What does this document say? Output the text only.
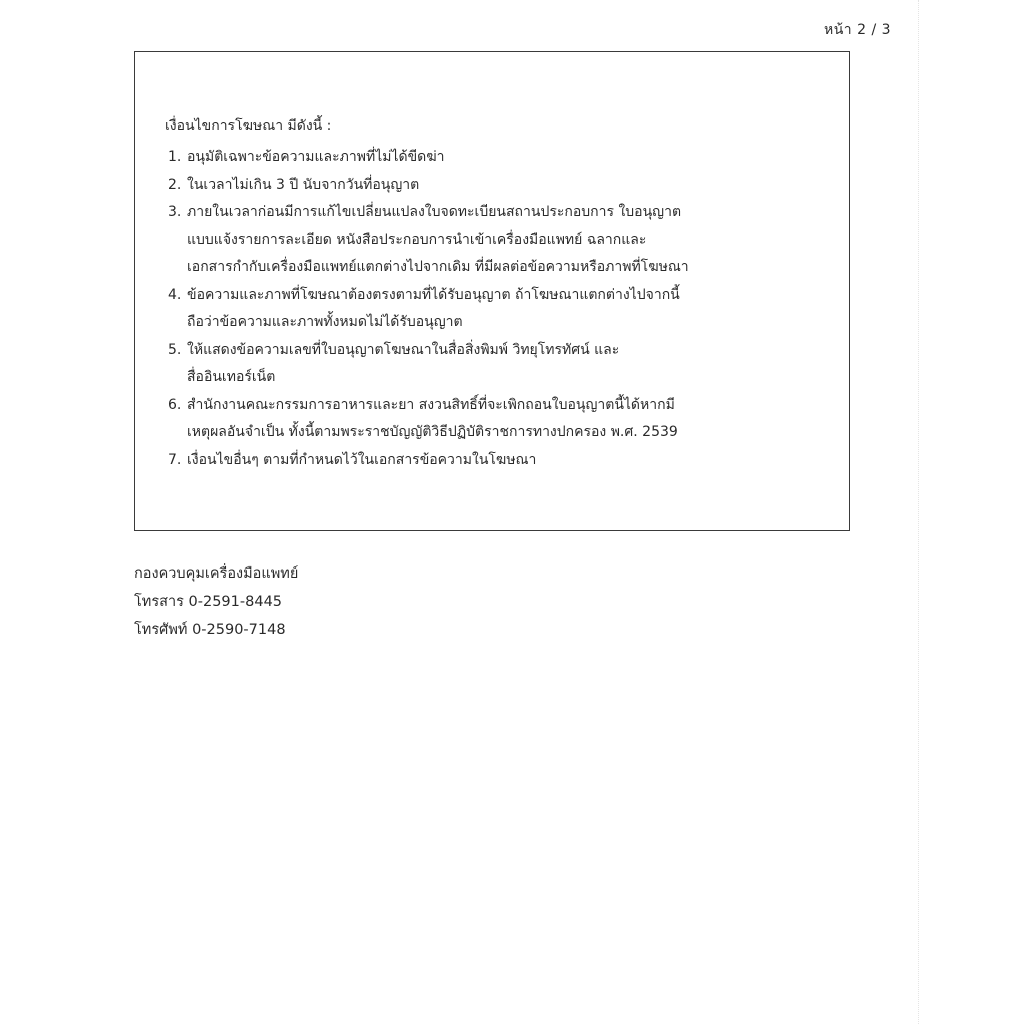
หน้า 2 / 3
เงื่อนไขการโฆษณา มีดังนี้ :
1. อนุมัติเฉพาะข้อความและภาพที่ไม่ได้ขีดฆ่า
2. ในเวลาไม่เกิน 3 ปี นับจากวันที่อนุญาต
3. ภายในเวลาก่อนมีการแก้ไขเปลี่ยนแปลงใบจดทะเบียนสถานประกอบการ ใบอนุญาต
แบบแจ้งรายการละเอียด หนังสือประกอบการนำเข้าเครื่องมือแพทย์ ฉลากและ
เอกสารกำกับเครื่องมือแพทย์แตกต่างไปจากเดิม ที่มีผลต่อข้อความหรือภาพที่โฆษณา
4. ข้อความและภาพที่โฆษณาต้องตรงตามที่ได้รับอนุญาต ถ้าโฆษณาแตกต่างไปจากนี้
ถือว่าข้อความและภาพทั้งหมดไม่ได้รับอนุญาต
5. ให้แสดงข้อความเลขที่ใบอนุญาตโฆษณาในสื่อสิ่งพิมพ์ วิทยุโทรทัศน์ และ
สื่ออินเทอร์เน็ต
6. สำนักงานคณะกรรมการอาหารและยา สงวนสิทธิ์ที่จะเพิกถอนใบอนุญาตนี้ได้หากมี
เหตุผลอันจำเป็น ทั้งนี้ตามพระราชบัญญัติวิธีปฏิบัติราชการทางปกครอง พ.ศ. 2539
7. เงื่อนไขอื่นๆ ตามที่กำหนดไว้ในเอกสารข้อความในโฆษณา
กองควบคุมเครื่องมือแพทย์
โทรสาร 0-2591-8445
โทรศัพท์ 0-2590-7148
